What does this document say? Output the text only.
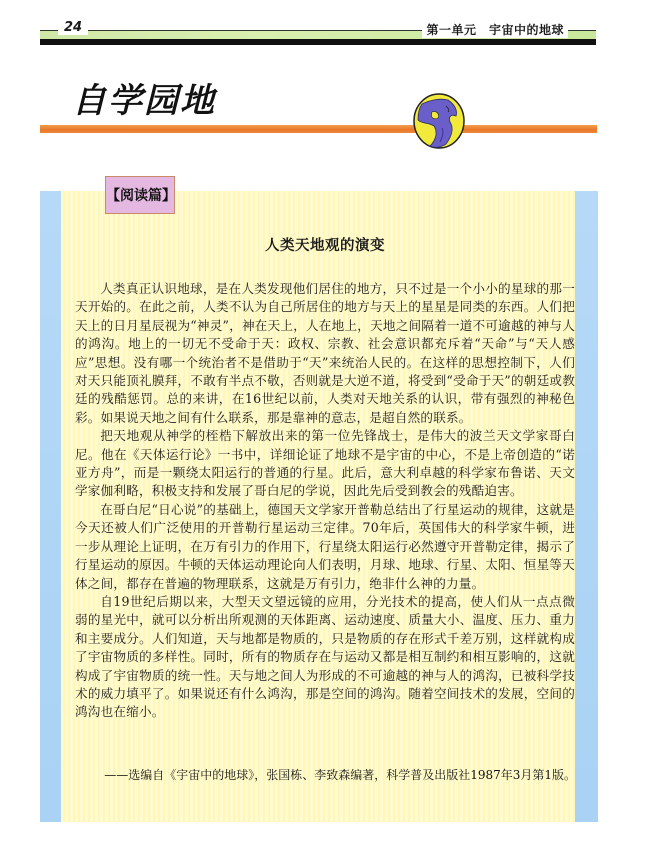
24	第一单元　宇宙中的地球
自学园地
【阅读篇】
人类天地观的演变

人类真正认识地球，是在人类发现他们居住的地方，只不过是一个小小的星球的那一天开始的。在此之前，人类不认为自己所居住的地方与天上的星星是同类的东西。人们把天上的日月星辰视为“神灵”，神在天上，人在地上，天地之间隔着一道不可逾越的神与人的鸿沟。地上的一切无不受命于天：政权、宗教、社会意识都充斥着“天命”与“天人感应”思想。没有哪一个统治者不是借助于“天”来统治人民的。在这样的思想控制下，人们对天只能顶礼膜拜，不敢有半点不敬，否则就是大逆不道，将受到“受命于天”的朝廷或教廷的残酷惩罚。总的来讲，在16世纪以前，人类对天地关系的认识，带有强烈的神秘色彩。如果说天地之间有什么联系，那是靠神的意志，是超自然的联系。

把天地观从神学的桎梏下解放出来的第一位先锋战士，是伟大的波兰天文学家哥白尼。他在《天体运行论》一书中，详细论证了地球不是宇宙的中心，不是上帝创造的“诺亚方舟”，而是一颗绕太阳运行的普通的行星。此后，意大利卓越的科学家布鲁诺、天文学家伽利略，积极支持和发展了哥白尼的学说，因此先后受到教会的残酷迫害。

在哥白尼“日心说”的基础上，德国天文学家开普勒总结出了行星运动的规律，这就是今天还被人们广泛使用的开普勒行星运动三定律。70年后，英国伟大的科学家牛顿，进一步从理论上证明，在万有引力的作用下，行星绕太阳运行必然遵守开普勒定律，揭示了行星运动的原因。牛顿的天体运动理论向人们表明，月球、地球、行星、太阳、恒星等天体之间，都存在普遍的物理联系，这就是万有引力，绝非什么神的力量。

自19世纪后期以来，大型天文望远镜的应用，分光技术的提高，使人们从一点点微弱的星光中，就可以分析出所观测的天体距离、运动速度、质量大小、温度、压力、重力和主要成分。人们知道，天与地都是物质的，只是物质的存在形式千差万别，这样就构成了宇宙物质的多样性。同时，所有的物质存在与运动又都是相互制约和相互影响的，这就构成了宇宙物质的统一性。天与地之间人为形成的不可逾越的神与人的鸿沟，已被科学技术的威力填平了。如果说还有什么鸿沟，那是空间的鸿沟。随着空间技术的发展，空间的鸿沟也在缩小。

——选编自《宇宙中的地球》，张国栋、李致森编著，科学普及出版社1987年3月第1版。
